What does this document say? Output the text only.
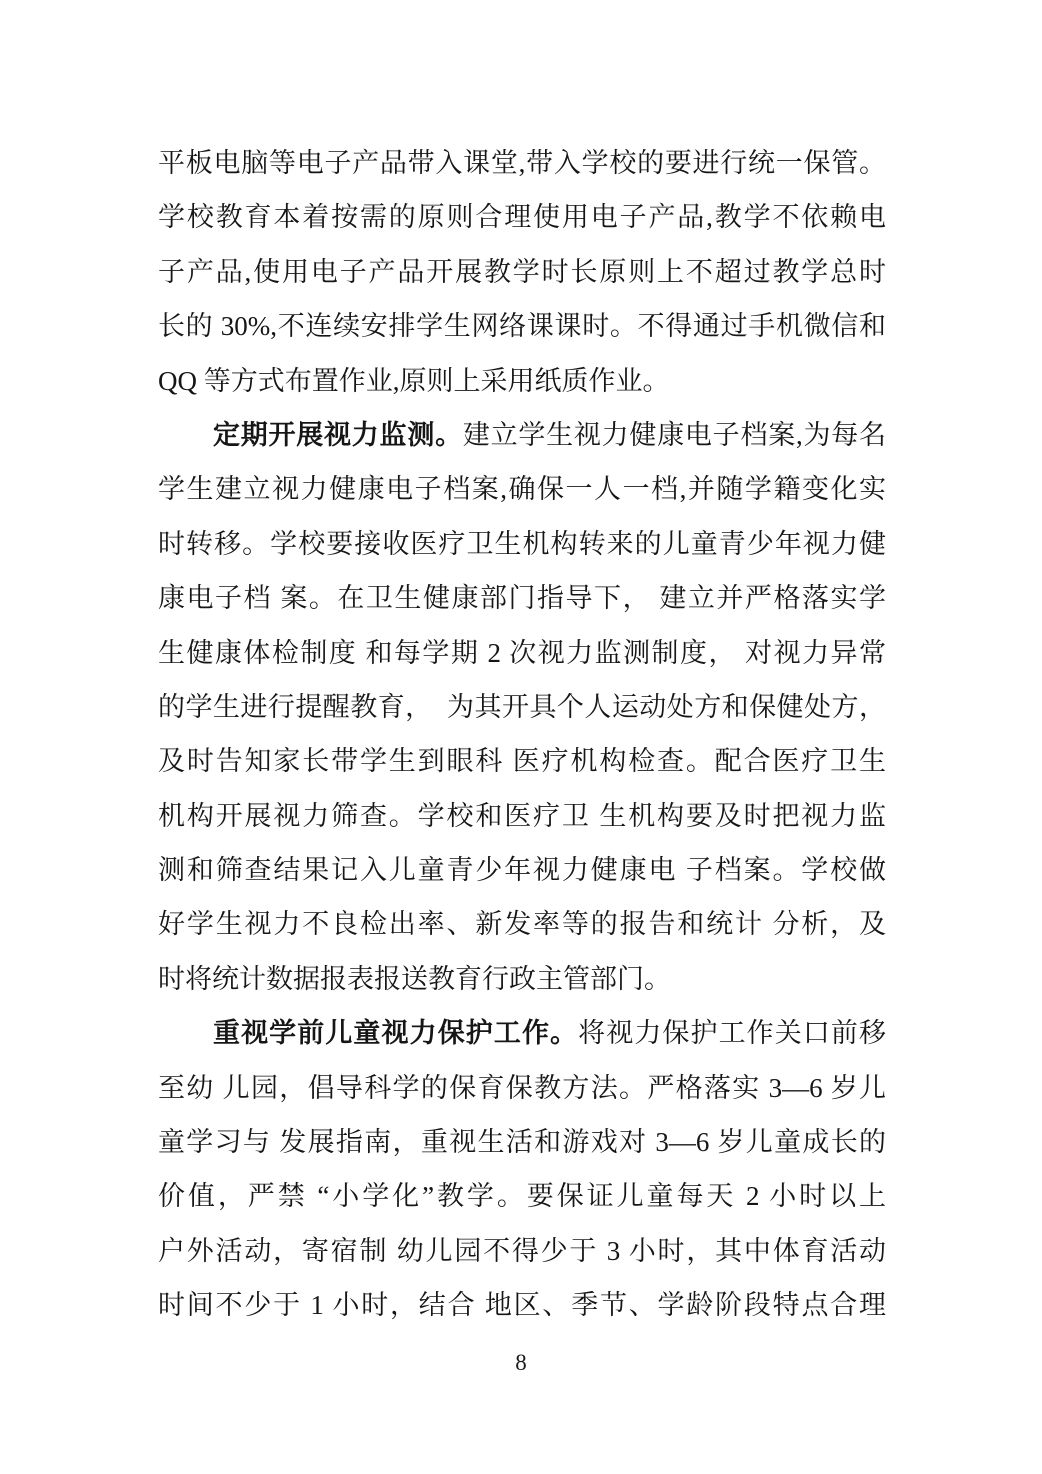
平板电脑等电子产品带入课堂,带入学校的要进行统一保管。
学校教育本着按需的原则合理使用电子产品,教学不依赖电
子产品,使用电子产品开展教学时长原则上不超过教学总时
长的 30%,不连续安排学生网络课课时。不得通过手机微信和
QQ 等方式布置作业,原则上采用纸质作业。
定期开展视力监测。建立学生视力健康电子档案,为每名
学生建立视力健康电子档案,确保一人一档,并随学籍变化实
时转移。学校要接收医疗卫生机构转来的儿童青少年视力健
康电子档 案。在卫生健康部门指导下， 建立并严格落实学
生健康体检制度 和每学期 2 次视力监测制度， 对视力异常
的学生进行提醒教育，  为其开具个人运动处方和保健处方，
及时告知家长带学生到眼科 医疗机构检查。配合医疗卫生
机构开展视力筛查。学校和医疗卫 生机构要及时把视力监
测和筛查结果记入儿童青少年视力健康电 子档案。学校做
好学生视力不良检出率、新发率等的报告和统计 分析，及
时将统计数据报表报送教育行政主管部门。
重视学前儿童视力保护工作。将视力保护工作关口前移
至幼 儿园，倡导科学的保育保教方法。严格落实 3—6 岁儿
童学习与 发展指南，重视生活和游戏对 3—6 岁儿童成长的
价值，严禁 “小学化”教学。要保证儿童每天 2 小时以上
户外活动，寄宿制 幼儿园不得少于 3 小时，其中体育活动
时间不少于 1 小时，结合 地区、季节、学龄阶段特点合理
8
